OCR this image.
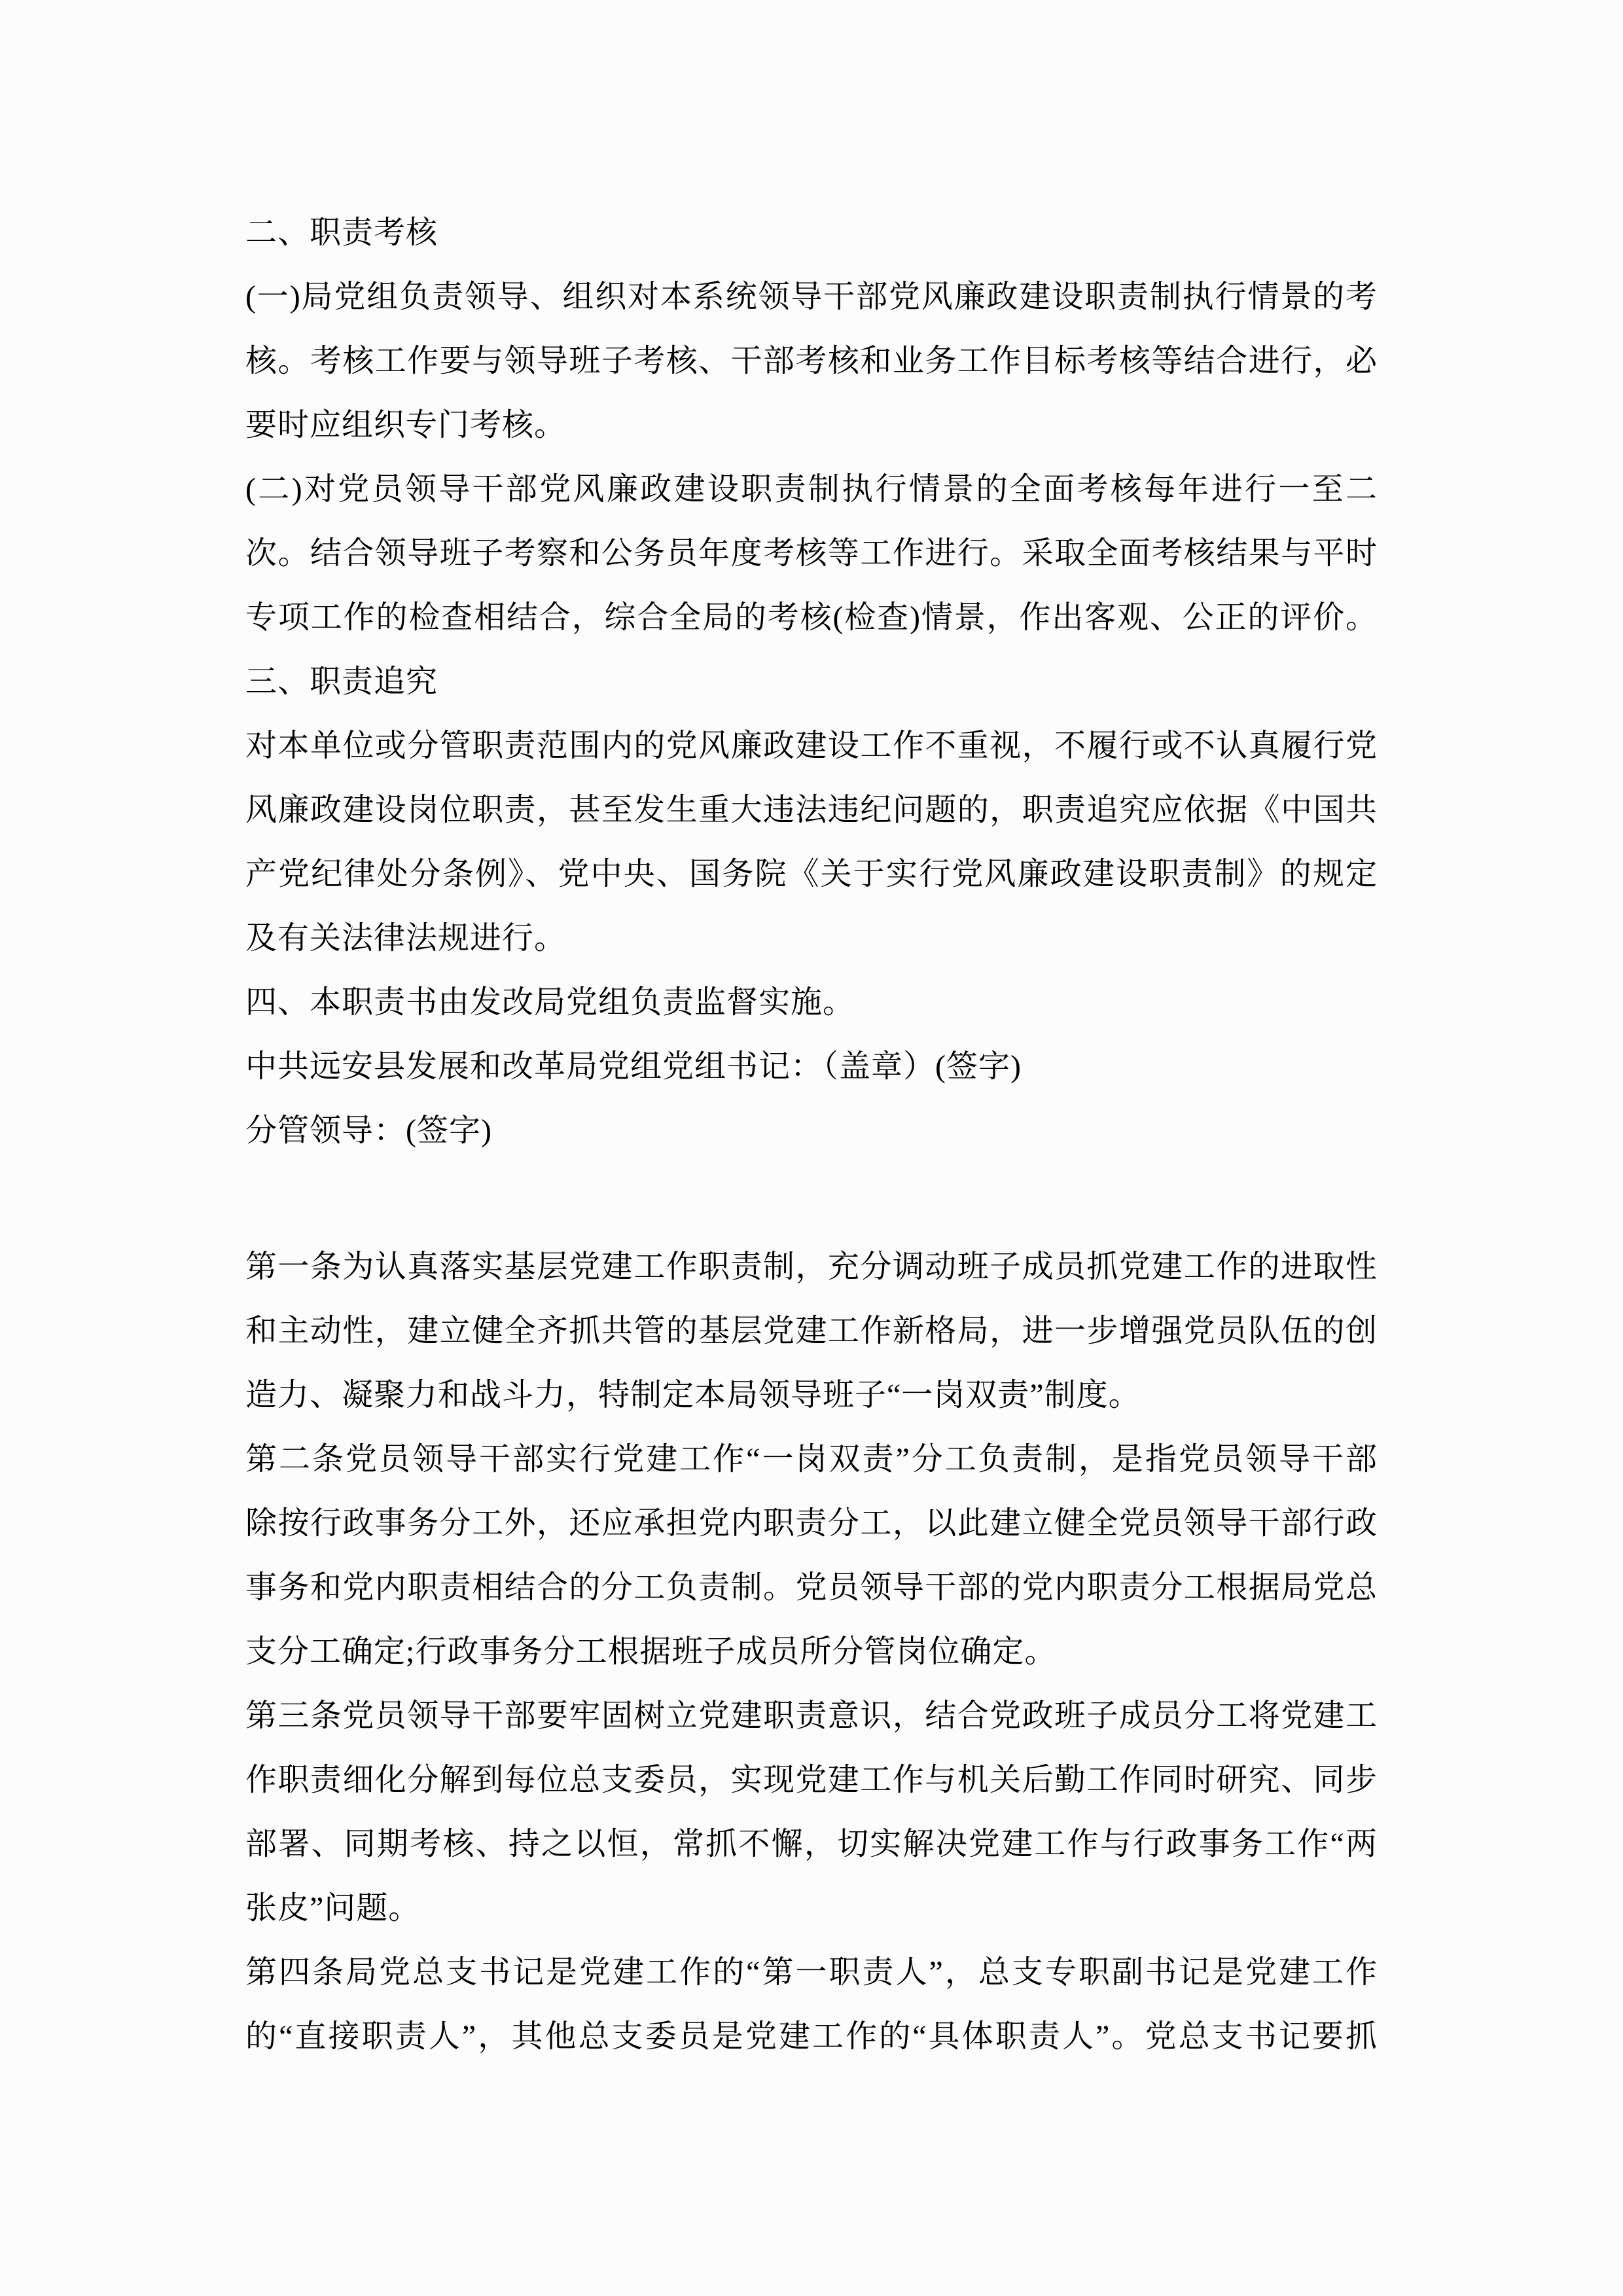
二、职责考核
(一)局党组负责领导、组织对本系统领导干部党风廉政建设职责制执行情景的考
核。考核工作要与领导班子考核、干部考核和业务工作目标考核等结合进行，必
要时应组织专门考核。
(二)对党员领导干部党风廉政建设职责制执行情景的全面考核每年进行一至二
次。结合领导班子考察和公务员年度考核等工作进行。采取全面考核结果与平时
专项工作的检查相结合，综合全局的考核(检查)情景，作出客观、公正的评价。
三、职责追究
对本单位或分管职责范围内的党风廉政建设工作不重视，不履行或不认真履行党
风廉政建设岗位职责，甚至发生重大违法违纪问题的，职责追究应依据《中国共
产党纪律处分条例》、党中央、国务院《关于实行党风廉政建设职责制》的规定
及有关法律法规进行。
四、本职责书由发改局党组负责监督实施。
中共远安县发展和改革局党组党组书记：（盖章）(签字)
分管领导：(签字)

第一条为认真落实基层党建工作职责制，充分调动班子成员抓党建工作的进取性
和主动性，建立健全齐抓共管的基层党建工作新格局，进一步增强党员队伍的创
造力、凝聚力和战斗力，特制定本局领导班子“一岗双责”制度。
第二条党员领导干部实行党建工作“一岗双责”分工负责制，是指党员领导干部
除按行政事务分工外，还应承担党内职责分工，以此建立健全党员领导干部行政
事务和党内职责相结合的分工负责制。党员领导干部的党内职责分工根据局党总
支分工确定;行政事务分工根据班子成员所分管岗位确定。
第三条党员领导干部要牢固树立党建职责意识，结合党政班子成员分工将党建工
作职责细化分解到每位总支委员，实现党建工作与机关后勤工作同时研究、同步
部署、同期考核、持之以恒，常抓不懈，切实解决党建工作与行政事务工作“两
张皮”问题。
第四条局党总支书记是党建工作的“第一职责人”，总支专职副书记是党建工作
的“直接职责人”，其他总支委员是党建工作的“具体职责人”。党总支书记要抓
